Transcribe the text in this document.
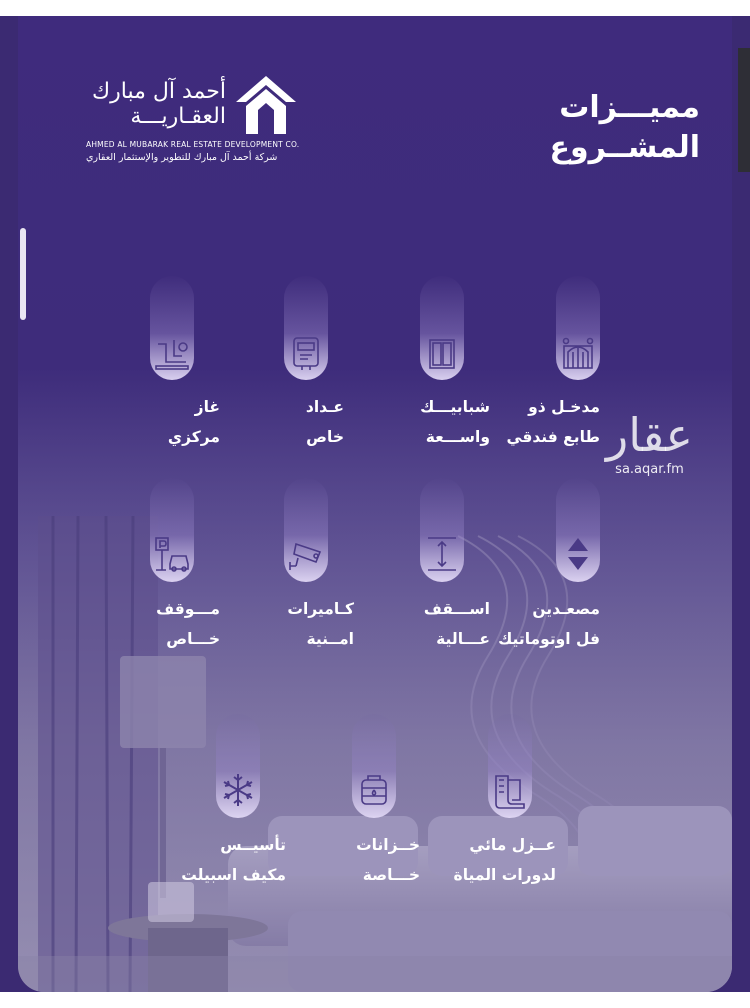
مميـــزات
المشــروع
أحمد آل مبارك
العقـاريـــة
AHMED AL MUBARAK REAL ESTATE DEVELOPMENT CO.
شركة أحمد آل مبارك للتطوير والإستثمار العقاري
مدخـل ذو
طابع فندقي
شبابيـــك
واســـعة
عـداد
خاص
غاز
مركزي
مصعـدين
فل اوتوماتيك
اســـقف
عـــالية
كـاميرات
امــنية
مـــوقف
خـــاص
عــزل مائي
لدورات المياة
خــزانات
خـــاصة
تأسيــس
مكيف اسبيلت
عقار
sa.aqar.fm
